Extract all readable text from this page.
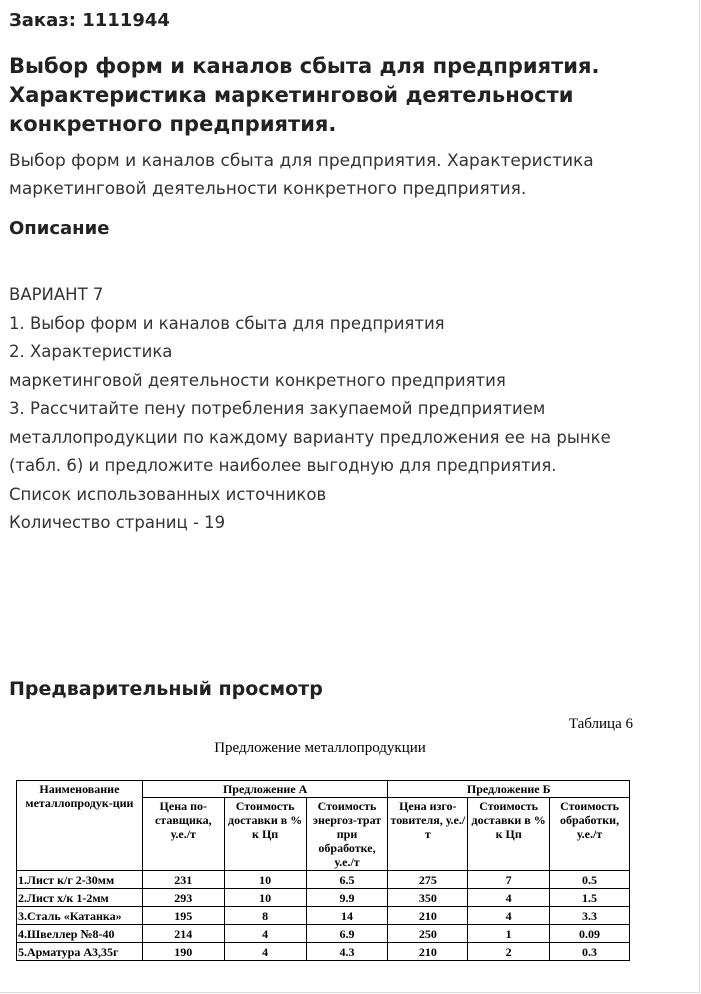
Заказ: 1111944
Выбор форм и каналов сбыта для предприятия. Характеристика маркетинговой деятельности конкретного предприятия.
Выбор форм и каналов сбыта для предприятия. Характеристика маркетинговой деятельности конкретного предприятия.
Описание
ВАРИАНТ 7
1. Выбор форм и каналов сбыта для предприятия
2. Характеристика
маркетинговой деятельности конкретного предприятия
3. Рассчитайте пену потребления закупаемой предприятием
металлопродукции по каждому варианту предложения ее на рынке
(табл. 6) и предложите наиболее выгодную для предприятия.
Список использованных источников
Количество страниц - 19
Предварительный просмотр
Таблица 6
Предложение металлопродукции
Наименование металлопродук-ции	Предложение А			Предложение Б		
	Цена по-ставщика, у.е./т	Стоимость доставки в % к Цп	Стоимость энергоз-трат при обработке, у.е./т	Цена изго-товителя, у.е./т	Стоимость доставки в % к Цп	Стоимость обработки, у.е./т
1.Лист к/г 2-30мм	231	10	6.5	275	7	0.5
2.Лист х/к 1-2мм	293	10	9.9	350	4	1.5
3.Сталь «Катанка»	195	8	14	210	4	3.3
4.Швеллер №8-40	214	4	6.9	250	1	0.09
5.Арматура А3,35г	190	4	4.3	210	2	0.3
